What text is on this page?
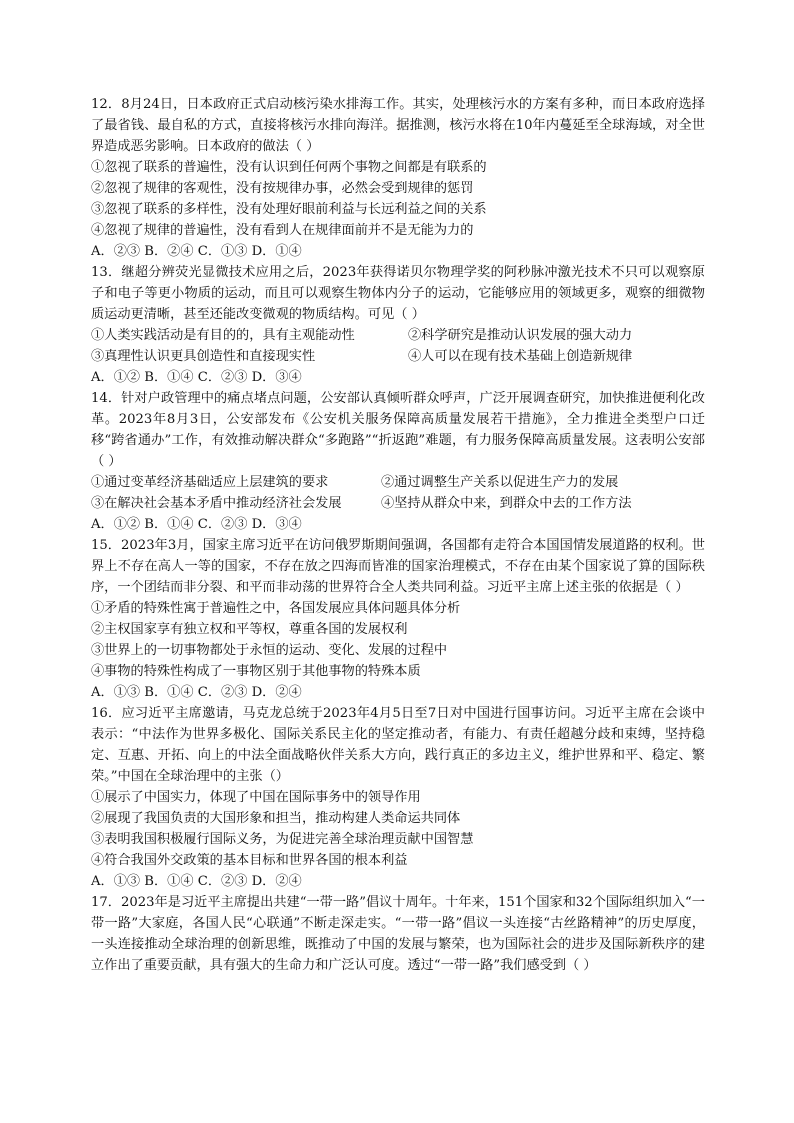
12．8月24日，日本政府正式启动核污染水排海工作。其实，处理核污水的方案有多种，而日本政府选择了最省钱、最自私的方式，直接将核污水排向海洋。据推测，核污水将在10年内蔓延至全球海域，对全世界造成恶劣影响。日本政府的做法（ ）

①忽视了联系的普遍性，没有认识到任何两个事物之间都是有联系的

②忽视了规律的客观性，没有按规律办事，必然会受到规律的惩罚

③忽视了联系的多样性，没有处理好眼前利益与长远利益之间的关系

④忽视了规律的普遍性，没有看到人在规律面前并不是无能为力的

A．②③ B．②④ C．①③ D．①④

13．继超分辨荧光显微技术应用之后，2023年获得诺贝尔物理学奖的阿秒脉冲激光技术不只可以观察原子和电子等更小物质的运动，而且可以观察生物体内分子的运动，它能够应用的领域更多，观察的细微物质运动更清晰，甚至还能改变微观的物质结构。可见（ ）

①人类实践活动是有目的的，具有主观能动性	②科学研究是推动认识发展的强大动力
③真理性认识更具创造性和直接现实性	④人可以在现有技术基础上创造新规律

A．①② B．①④ C．②③ D．③④

14．针对户政管理中的痛点堵点问题，公安部认真倾听群众呼声，广泛开展调查研究，加快推进便利化改革。2023年8月3日，公安部发布《公安机关服务保障高质量发展若干措施》，全力推进全类型户口迁移“跨省通办”工作，有效推动解决群众“多跑路”“折返跑”难题，有力服务保障高质量发展。这表明公安部（ ）

①通过变革经济基础适应上层建筑的要求	②通过调整生产关系以促进生产力的发展
③在解决社会基本矛盾中推动经济社会发展	④坚持从群众中来，到群众中去的工作方法

A．①② B．①④ C．②③ D．③④

15．2023年3月，国家主席习近平在访问俄罗斯期间强调，各国都有走符合本国国情发展道路的权利。世界上不存在高人一等的国家，不存在放之四海而皆准的国家治理模式，不存在由某个国家说了算的国际秩序，一个团结而非分裂、和平而非动荡的世界符合全人类共同利益。习近平主席上述主张的依据是（ ）

①矛盾的特殊性寓于普遍性之中，各国发展应具体问题具体分析

②主权国家享有独立权和平等权，尊重各国的发展权利

③世界上的一切事物都处于永恒的运动、变化、发展的过程中

④事物的特殊性构成了一事物区别于其他事物的特殊本质

A．①③ B．①④ C．②③ D．②④

16．应习近平主席邀请，马克龙总统于2023年4月5日至7日对中国进行国事访问。习近平主席在会谈中表示：“中法作为世界多极化、国际关系民主化的坚定推动者，有能力、有责任超越分歧和束缚，坚持稳定、互惠、开拓、向上的中法全面战略伙伴关系大方向，践行真正的多边主义，维护世界和平、稳定、繁荣。”中国在全球治理中的主张（）

①展示了中国实力，体现了中国在国际事务中的领导作用

②展现了我国负责的大国形象和担当，推动构建人类命运共同体

③表明我国积极履行国际义务，为促进完善全球治理贡献中国智慧

④符合我国外交政策的基本目标和世界各国的根本利益

A．①③ B．①④ C．②③ D．②④

17．2023年是习近平主席提出共建“一带一路”倡议十周年。十年来，151个国家和32个国际组织加入“一带一路”大家庭，各国人民“心联通”不断走深走实。“一带一路”倡议一头连接“古丝路精神”的历史厚度，一头连接推动全球治理的创新思维，既推动了中国的发展与繁荣，也为国际社会的进步及国际新秩序的建立作出了重要贡献，具有强大的生命力和广泛认可度。透过“一带一路”我们感受到（ ）
